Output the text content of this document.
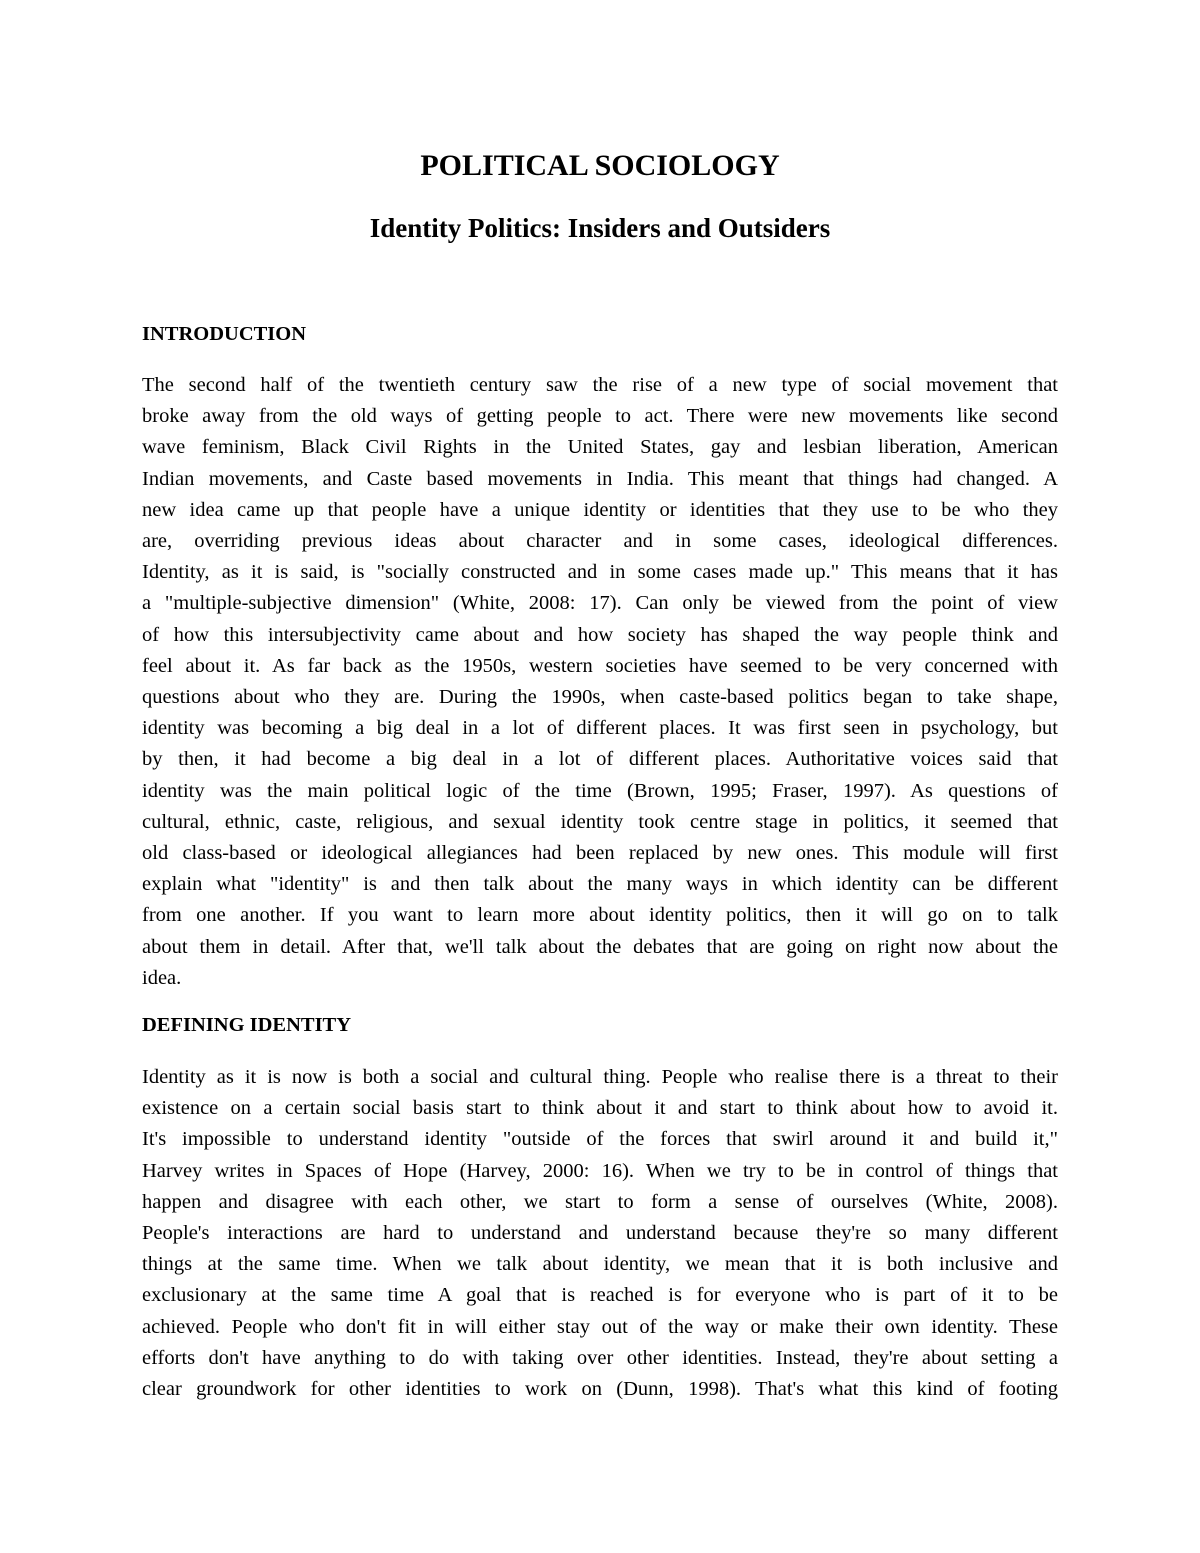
POLITICAL SOCIOLOGY
Identity Politics: Insiders and Outsiders
INTRODUCTION

The second half of the twentieth century saw the rise of a new type of social movement that
broke away from the old ways of getting people to act. There were new movements like second
wave feminism, Black Civil Rights in the United States, gay and lesbian liberation, American
Indian movements, and Caste based movements in India. This meant that things had changed. A
new idea came up that people have a unique identity or identities that they use to be who they
are, overriding previous ideas about character and in some cases, ideological differences.
Identity, as it is said, is "socially constructed and in some cases made up." This means that it has
a "multiple-subjective dimension" (White, 2008: 17). Can only be viewed from the point of view
of how this intersubjectivity came about and how society has shaped the way people think and
feel about it. As far back as the 1950s, western societies have seemed to be very concerned with
questions about who they are. During the 1990s, when caste-based politics began to take shape,
identity was becoming a big deal in a lot of different places. It was first seen in psychology, but
by then, it had become a big deal in a lot of different places. Authoritative voices said that
identity was the main political logic of the time (Brown, 1995; Fraser, 1997). As questions of
cultural, ethnic, caste, religious, and sexual identity took centre stage in politics, it seemed that
old class-based or ideological allegiances had been replaced by new ones. This module will first
explain what "identity" is and then talk about the many ways in which identity can be different
from one another. If you want to learn more about identity politics, then it will go on to talk
about them in detail. After that, we'll talk about the debates that are going on right now about the
idea.

DEFINING IDENTITY

Identity as it is now is both a social and cultural thing. People who realise there is a threat to their
existence on a certain social basis start to think about it and start to think about how to avoid it.
It's impossible to understand identity "outside of the forces that swirl around it and build it,"
Harvey writes in Spaces of Hope (Harvey, 2000: 16). When we try to be in control of things that
happen and disagree with each other, we start to form a sense of ourselves (White, 2008).
People's interactions are hard to understand and understand because they're so many different
things at the same time. When we talk about identity, we mean that it is both inclusive and
exclusionary at the same time A goal that is reached is for everyone who is part of it to be
achieved. People who don't fit in will either stay out of the way or make their own identity. These
efforts don't have anything to do with taking over other identities. Instead, they're about setting a
clear groundwork for other identities to work on (Dunn, 1998). That's what this kind of footing
